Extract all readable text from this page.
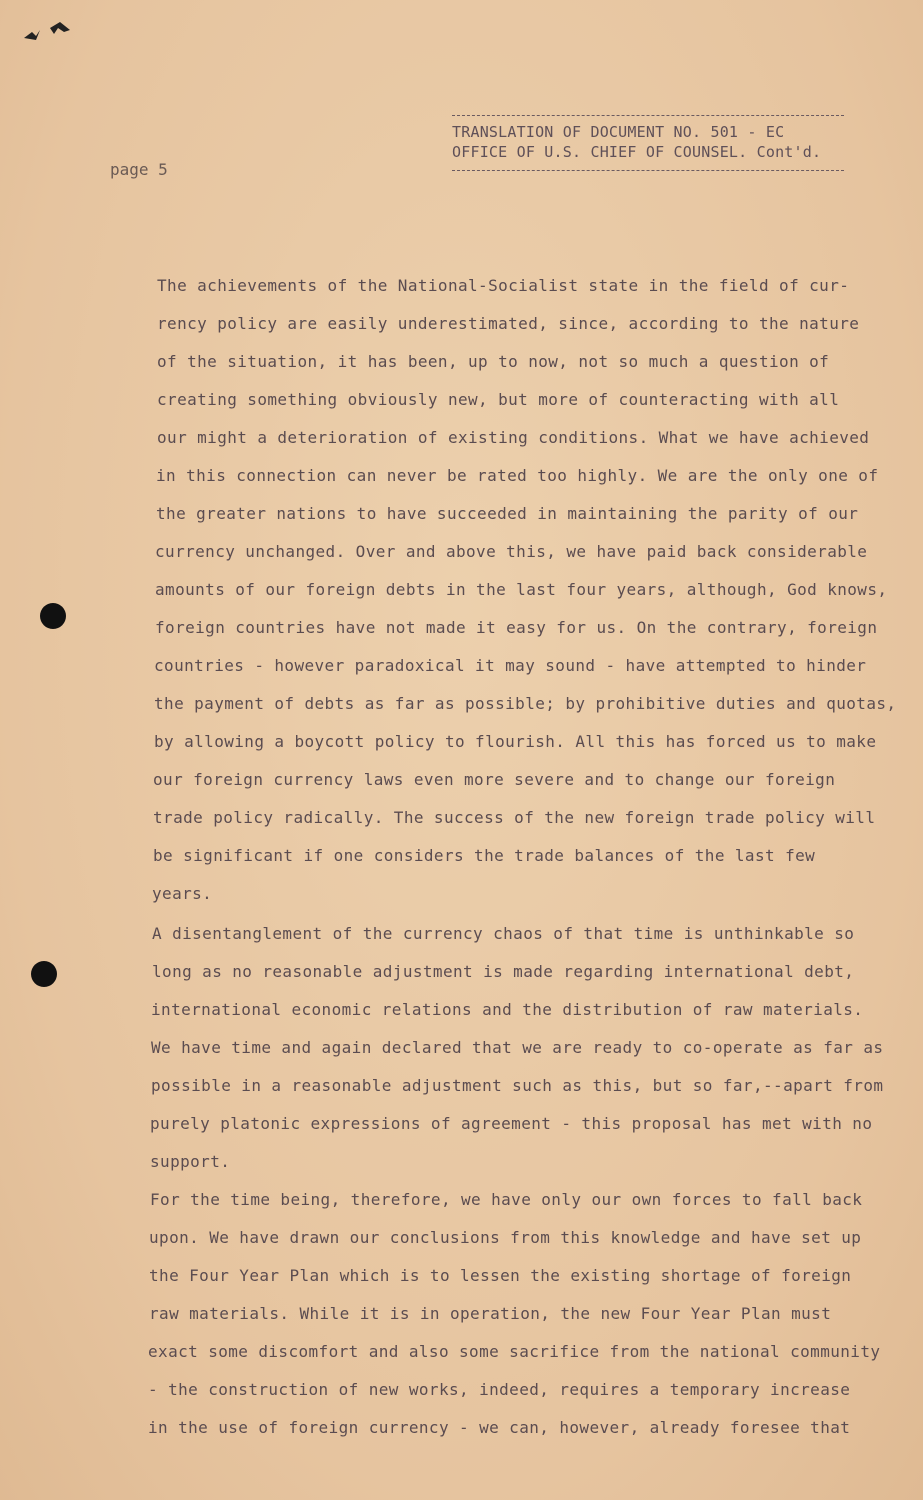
page 5
TRANSLATION OF DOCUMENT NO. 501 - EC
OFFICE OF U.S. CHIEF OF COUNSEL. Cont'd.
The achievements of the National-Socialist state in the field of cur-
rency policy are easily underestimated, since, according to the nature
of the situation, it has been, up to now, not so much a question of
creating something obviously new, but more of counteracting with all
our might a deterioration of existing conditions. What we have achieved
in this connection can never be rated too highly. We are the only one of
the greater nations to have succeeded in maintaining the parity of our
currency unchanged. Over and above this, we have paid back considerable
amounts of our foreign debts in the last four years, although, God knows,
foreign countries have not made it easy for us. On the contrary, foreign
countries - however paradoxical it may sound - have attempted to hinder
the payment of debts as far as possible; by prohibitive duties and quotas,
by allowing a boycott policy to flourish. All this has forced us to make
our foreign currency laws even more severe and to change our foreign
trade policy radically. The success of the new foreign trade policy will
be significant if one considers the trade balances of the last few
years.
A disentanglement of the currency chaos of that time is unthinkable so
long as no reasonable adjustment is made regarding international debt,
international economic relations and the distribution of raw materials.
We have time and again declared that we are ready to co-operate as far as
possible in a reasonable adjustment such as this, but so far,--apart from
purely platonic expressions of agreement - this proposal has met with no
support.
For the time being, therefore, we have only our own forces to fall back
upon. We have drawn our conclusions from this knowledge and have set up
the Four Year Plan which is to lessen the existing shortage of foreign
raw materials. While it is in operation, the new Four Year Plan must
exact some discomfort and also some sacrifice from the national community
- the construction of new works, indeed, requires a temporary increase
in the use of foreign currency - we can, however, already foresee that
